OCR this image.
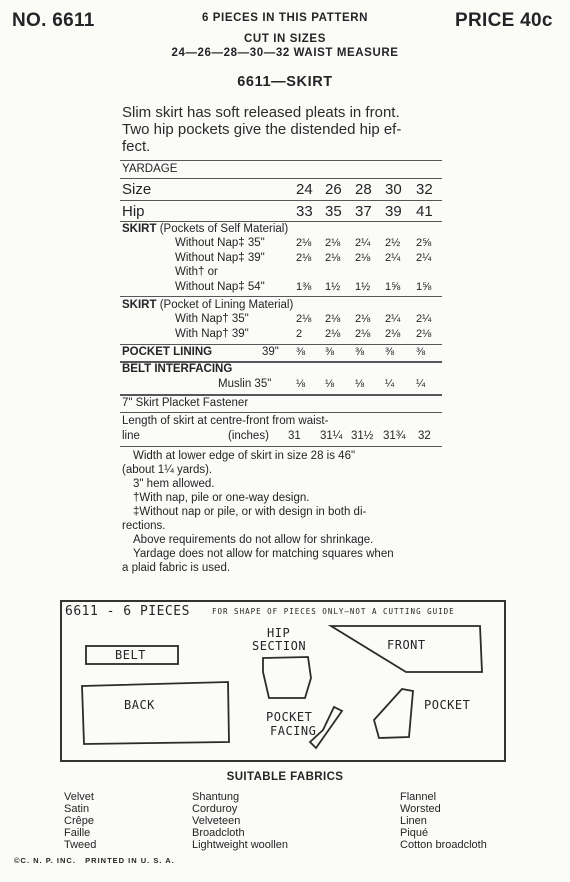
NO. 6611	6 PIECES IN THIS PATTERN
CUT IN SIZES
24—26—28—30—32 WAIST MEASURE
PRICE 40c
6611—SKIRT
Slim skirt has soft released pleats in front.
Two hip pockets give the distended hip ef-
fect.
YARDAGE
Size	24 26 28 30 32
Hip	33 35 37 39 41
SKIRT (Pockets of Self Material)
Without Nap‡ 35"	2⅛ 2⅛ 2¼ 2½ 2⅝
Without Nap‡ 39"	2⅛ 2⅛ 2⅛ 2¼ 2¼
With† or
Without Nap‡ 54"	1⅜ 1½ 1½ 1⅝ 1⅝
SKIRT (Pocket of Lining Material)
With Nap† 35"	2⅛ 2⅛ 2⅛ 2¼ 2¼
With Nap† 39"	2 2⅛ 2⅛ 2⅛ 2⅛
POCKET LINING	39" ⅜ ⅜ ⅜ ⅜ ⅜
BELT INTERFACING
Muslin 35" ⅛ ⅛ ⅛ ¼ ¼
7" Skirt Placket Fastener
Length of skirt at centre-front from waist-
line	(inches) 31 31¼ 31½ 31¾ 32
Width at lower edge of skirt in size 28 is 46"
(about 1¼ yards).
3" hem allowed.
†With nap, pile or one-way design.
‡Without nap or pile, or with design in both di-
rections.
Above requirements do not allow for shrinkage.
Yardage does not allow for matching squares when
a plaid fabric is used.
6611 - 6 PIECES	FOR SHAPE OF PIECES ONLY—NOT A CUTTING GUIDE
BELT
HIP
SECTION	FRONT
BACK
POCKET
FACING
POCKET
SUITABLE FABRICS
Velvet
Satin
Crêpe
Faille
Tweed
Shantung
Corduroy
Velveteen
Broadcloth
Lightweight woollen
Flannel
Worsted
Linen
Piqué
Cotton broadcloth
©C. N. P. INC.   PRINTED IN U. S. A.
